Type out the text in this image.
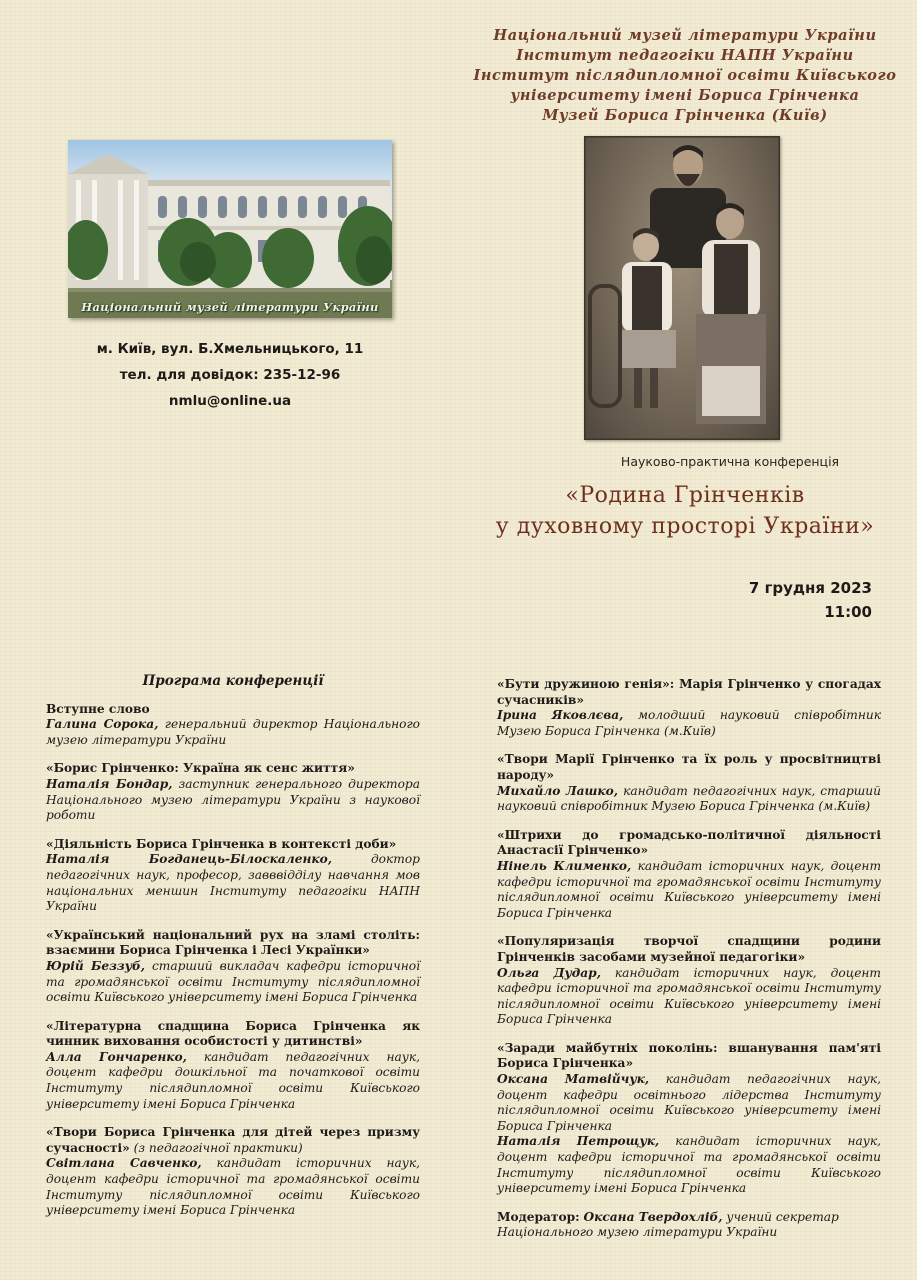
Національний музей літератури України
Інститут педагогіки НАПН України
Інститут післядипломної освіти Київського
університету імені Бориса Грінченка
Музей Бориса Грінченка (Київ)
Національний музей літератури України
м. Київ, вул. Б.Хмельницького, 11
тел. для довідок: 235-12-96
nmlu@online.ua
Науково-практична конференція
«Родина Грінченків
у духовному просторі України»
7 грудня 2023
11:00
Програма конференції
Вступне слово
Галина Сорока, генеральний директор Національного музею літератури України
«Борис Грінченко: Україна як сенс життя»
Наталія Бондар, заступник генерального директора Національного музею літератури України з наукової роботи
«Діяльність Бориса Грінченка в контексті доби»
Наталія Богданець-Білоскаленко, доктор педагогічних наук, професор, завввідділу навчання мов національних меншин Інституту педагогіки НАПН України
«Український національний рух на зламі століть: взаємини Бориса Грінченка і Лесі Українки»
Юрій Беззуб, старший викладач кафедри історичної та громадянської освіти Інституту післядипломної освіти Київського університету імені Бориса Грінченка
«Літературна спадщина Бориса Грінченка як чинник виховання особистості у дитинстві»
Алла Гончаренко, кандидат педагогічних наук, доцент кафедри дошкільної та початкової освіти Інституту післядипломної освіти Київського університету імені Бориса Грінченка
«Твори Бориса Грінченка для дітей через призму сучасності» (з педагогічної практики)
Світлана Савченко, кандидат історичних наук, доцент кафедри історичної та громадянської освіти Інституту післядипломної освіти Київського університету імені Бориса Грінченка
«Бути дружиною генія»: Марія Грінченко у спогадах сучасників»
Ірина Яковлєва, молодший науковий співробітник Музею Бориса Грінченка (м.Київ)
«Твори Марії Грінченко та їх роль у просвітництві народу»
Михайло Лашко, кандидат педагогічних наук, старший науковий співробітник Музею Бориса Грінченка (м.Київ)
«Штрихи до громадсько-політичної діяльності Анастасії Грінченко»
Нінель Клименко, кандидат історичних наук, доцент кафедри історичної та громадянської освіти Інституту післядипломної освіти Київського університету імені Бориса Грінченка
«Популяризація творчої спадщини родини Грінченків засобами музейної педагогіки»
Ольга Дудар, кандидат історичних наук, доцент кафедри історичної та громадянської освіти Інституту післядипломної освіти Київського університету імені Бориса Грінченка
«Заради майбутніх поколінь: вшанування пам'яті Бориса Грінченка»
Оксана Матвійчук, кандидат педагогічних наук, доцент кафедри освітнього лідерства Інституту післядипломної освіти Київського університету імені Бориса Грінченка
Наталія Петрощук, кандидат історичних наук, доцент кафедри історичної та громадянської освіти Інституту післядипломної освіти Київського університету імені Бориса Грінченка
Модератор: Оксана Твердохліб, учений секретар
Національного музею літератури України
